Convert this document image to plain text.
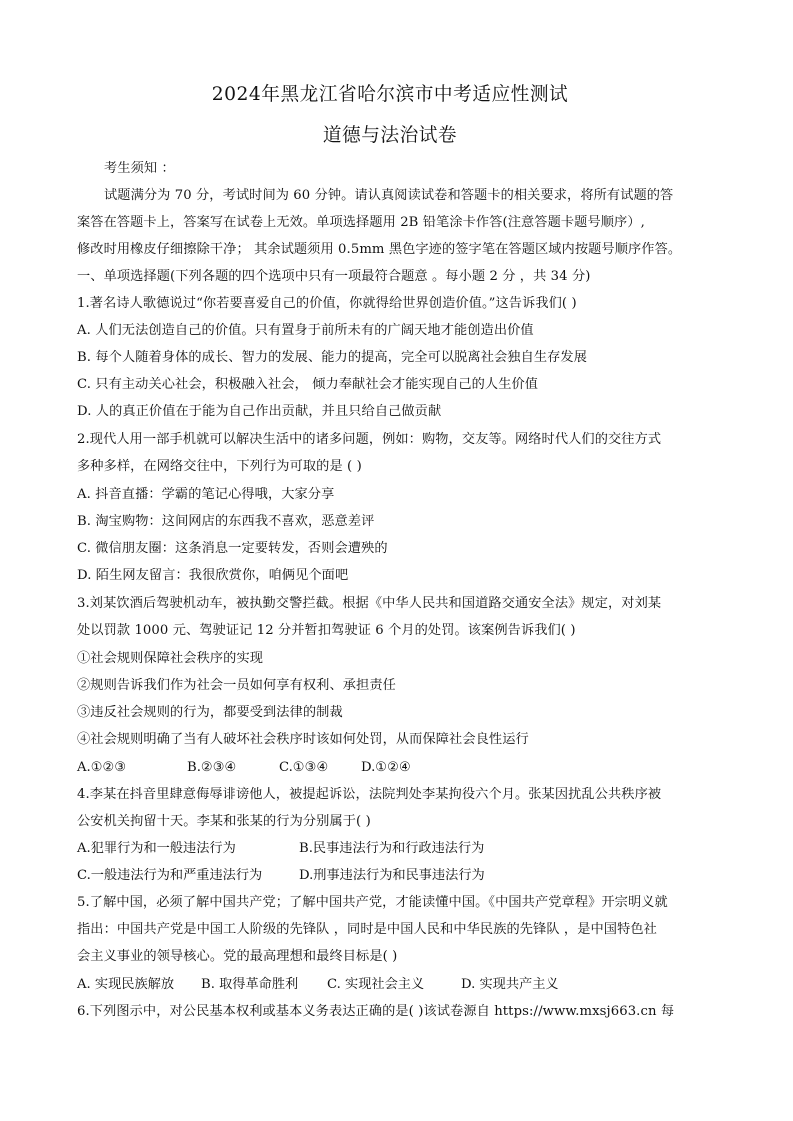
2024年黑龙江省哈尔滨市中考适应性测试
道德与法治试卷
考生须知 ：
试题满分为 70 分，考试时间为 60 分钟。请认真阅读试卷和答题卡的相关要求，将所有试题的答
案答在答题卡上，答案写在试卷上无效。单项选择题用 2B 铅笔涂卡作答(注意答题卡题号顺序）,
修改时用橡皮仔细擦除干净； 其余试题须用 0.5mm 黑色字迹的签字笔在答题区域内按题号顺序作答。
一、单项选择题(下列各题的四个选项中只有一项最符合题意 。每小题 2 分 ，共 34 分)
1.著名诗人歌德说过“你若要喜爱自己的价值，你就得给世界创造价值。”这告诉我们( )
A. 人们无法创造自己的价值。只有置身于前所未有的广阔天地才能创造出价值
B. 每个人随着身体的成长、智力的发展、能力的提高，完全可以脱离社会独自生存发展
C. 只有主动关心社会，积极融入社会， 倾力奉献社会才能实现自己的人生价值
D. 人的真正价值在于能为自己作出贡献，并且只给自己做贡献
2.现代人用一部手机就可以解决生活中的诸多问题，例如：购物，交友等。网络时代人们的交往方式
多种多样，在网络交往中，下列行为可取的是 ( )
A. 抖音直播：学霸的笔记心得哦，大家分享
B. 淘宝购物：这间网店的东西我不喜欢，恶意差评
C. 微信朋友圈：这条消息一定要转发，否则会遭殃的
D. 陌生网友留言：我很欣赏你，咱俩见个面吧
3.刘某饮酒后驾驶机动车，被执勤交警拦截。根据《中华人民共和国道路交通安全法》规定，对刘某
处以罚款 1000 元、驾驶证记 12 分并暂扣驾驶证 6 个月的处罚。该案例告诉我们( )
①社会规则保障社会秩序的实现
②规则告诉我们作为社会一员如何享有权利、承担责任
③违反社会规则的行为，都要受到法律的制裁
④社会规则明确了当有人破坏社会秩序时该如何处罚，从而保障社会良性运行
A.①②③	B.②③④	C.①③④ D.①②④
4.李某在抖音里肆意侮辱诽谤他人，被提起诉讼，法院判处李某拘役六个月。张某因扰乱公共秩序被
公安机关拘留十天。李某和张某的行为分别属于( )
A.犯罪行为和一般违法行为	B.民事违法行为和行政违法行为
C.一般违法行为和严重违法行为	D.刑事违法行为和民事违法行为
5.了解中国，必须了解中国共产党；了解中国共产党，才能读懂中国。《中国共产党章程》开宗明义就
指出：中国共产党是中国工人阶级的先锋队 ，同时是中国人民和中华民族的先锋队 ，是中国特色社
会主义事业的领导核心。党的最高理想和最终目标是( )
A. 实现民族解放 B. 取得革命胜利 C. 实现社会主义	D. 实现共产主义
6.下列图示中，对公民基本权利或基本义务表达正确的是( )该试卷源自 https://www.mxsj663.cn 每
